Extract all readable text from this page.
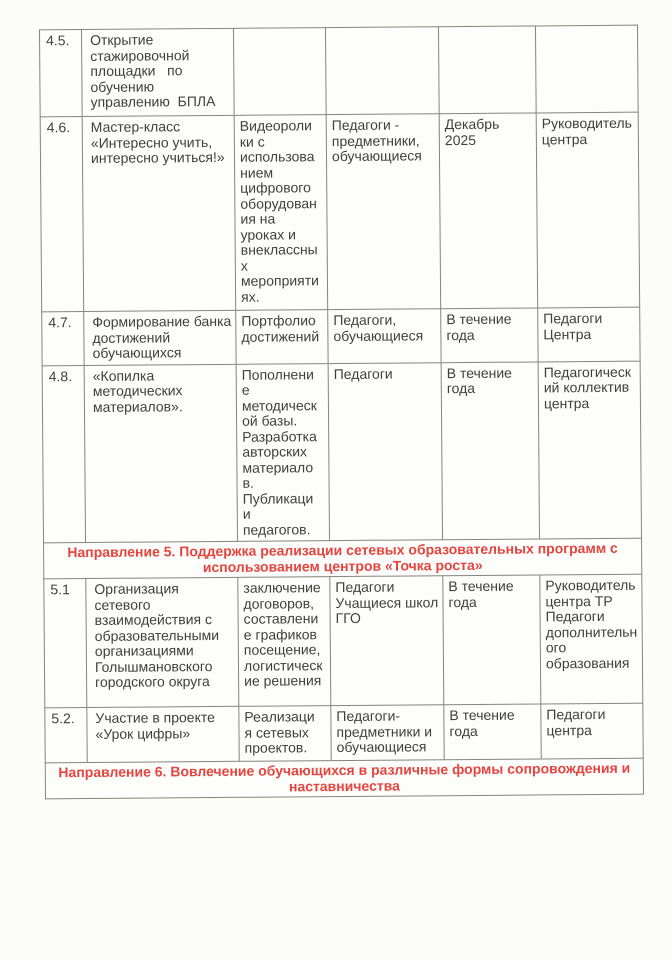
4.5.	Открытие
стажировочной
площадки   по
обучению
управлению  БПЛА				
4.6.	Мастер-класс
«Интересно учить,
интересно учиться!»	Видеороли
ки с
использова
нием
цифрового
оборудован
ия на
уроках и
внеклассны
х
мероприяти
ях.	Педагоги -
предметники,
обучающиеся	Декабрь
2025	Руководитель
центра
4.7.	Формирование банка
достижений
обучающихся	Портфолио
достижений	Педагоги,
обучающиеся	В течение
года	Педагоги
Центра
4.8.	«Копилка
методических
материалов».	Пополнени
е
методическ
ой базы.
Разработка
авторских
материало
в.
Публикаци
и
педагогов.	Педагоги	В течение
года	Педагогическ
ий коллектив
центра
Направление 5. Поддержка реализации сетевых образовательных программ с
использованием центров «Точка роста»					
5.1	Организация
сетевого
взаимодействия с
образовательными
организациями
Голышмановского
городского округа	заключение
договоров,
составлени
е графиков
посещение,
логистическ
ие решения	Педагоги
Учащиеся школ
ГГО	В течение
года	Руководитель
центра ТР
Педагоги
дополнительн
ого
образования
5.2.	Участие в проекте
«Урок цифры»	Реализаци
я сетевых
проектов.	Педагоги-
предметники и
обучающиеся	В течение
года	Педагоги
центра
Направление 6. Вовлечение обучающихся в различные формы сопровождения и
наставничества					
